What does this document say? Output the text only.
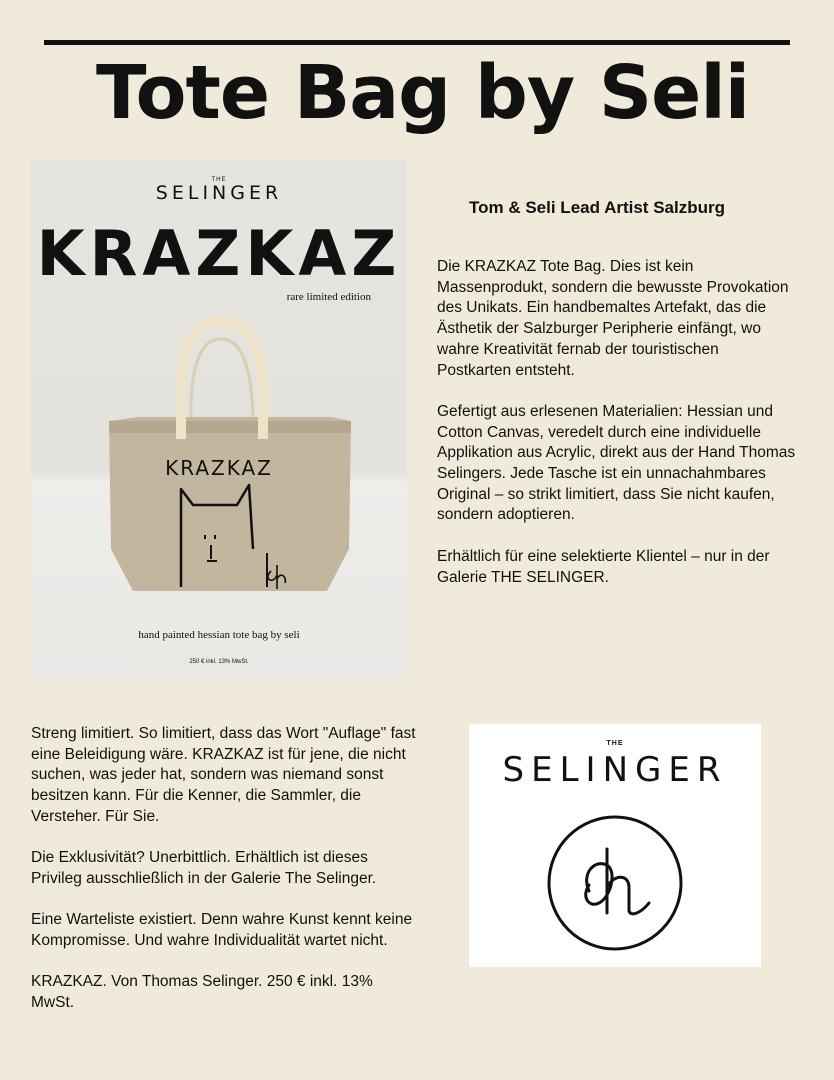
Tote Bag by Seli
THE
SELINGER
KRAZKAZ
rare limited edition
KRAZKAZ
hand painted hessian tote bag by seli
250 € inkl. 13% MwSt.
Tom & Seli Lead Artist Salzburg

Die KRAZKAZ Tote Bag. Dies ist kein Massenprodukt, sondern die bewusste Provokation des Unikats. Ein handbemaltes Artefakt, das die Ästhetik der Salzburger Peripherie einfängt, wo wahre Kreativität fernab der touristischen Postkarten entsteht.

Gefertigt aus erlesenen Materialien: Hessian und Cotton Canvas, veredelt durch eine individuelle Applikation aus Acrylic, direkt aus der Hand Thomas Selingers. Jede Tasche ist ein unnachahmbares Original – so strikt limitiert, dass Sie nicht kaufen, sondern adoptieren.

Erhältlich für eine selektierte Klientel – nur in der Galerie THE SELINGER.

Streng limitiert. So limitiert, dass das Wort "Auflage" fast eine Beleidigung wäre. KRAZKAZ ist für jene, die nicht suchen, was jeder hat, sondern was niemand sonst besitzen kann. Für die Kenner, die Sammler, die Versteher. Für Sie.

Die Exklusivität? Unerbittlich. Erhältlich ist dieses Privileg ausschließlich in der Galerie The Selinger.

Eine Warteliste existiert. Denn wahre Kunst kennt keine Kompromisse. Und wahre Individualität wartet nicht.

KRAZKAZ. Von Thomas Selinger. 250 € inkl. 13% MwSt.

THE
SELINGER
